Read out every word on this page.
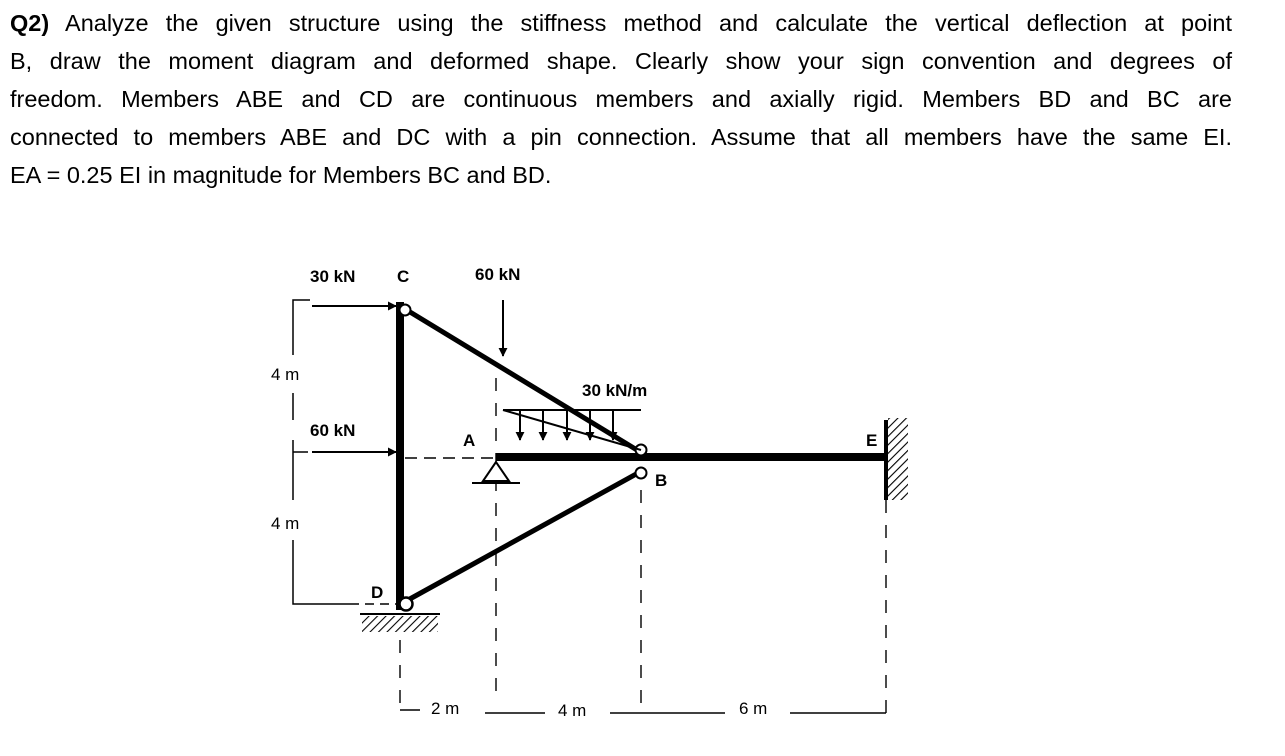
Q2) Analyze the given structure using the stiffness method and calculate the vertical deflection at point
B, draw the moment diagram and deformed shape. Clearly show your sign convention and degrees of
freedom. Members ABE and CD are continuous members and axially rigid. Members BD and BC are
connected to members ABE and DC with a pin connection. Assume that all members have the same EI.
EA = 0.25 EI in magnitude for Members BC and BD.
30 kN C	60 kN
30 kN/m
60 kN
A
B
E
D
4 m
4 m
2 m	4 m	6 m
